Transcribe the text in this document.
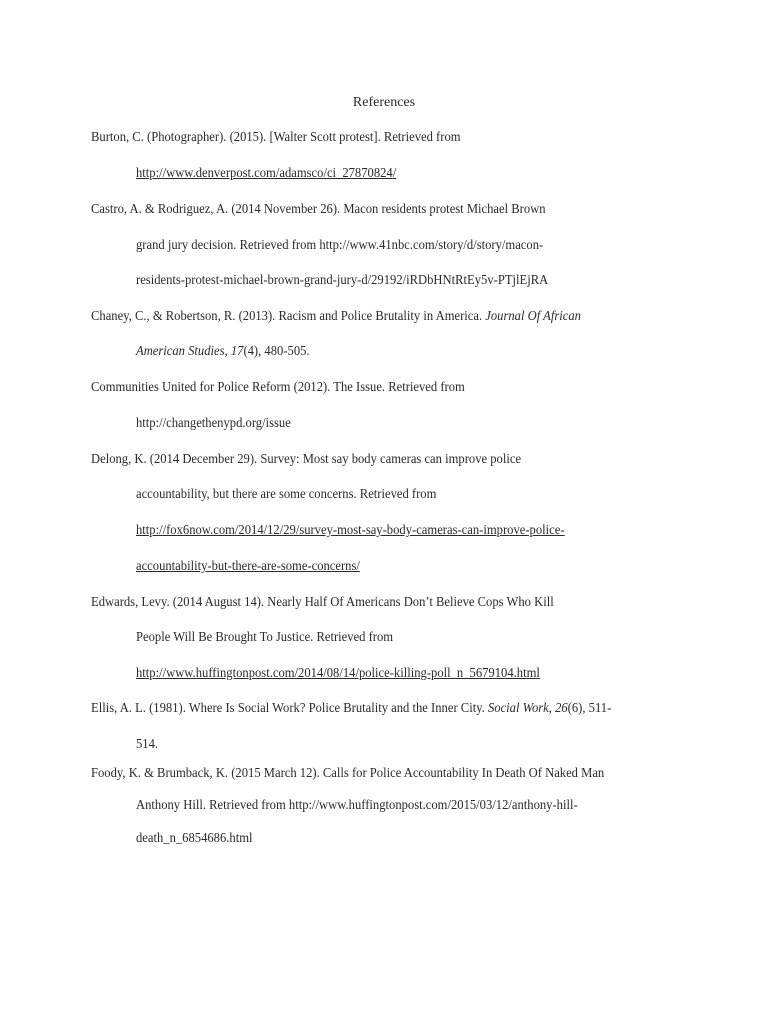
References
Burton, C. (Photographer). (2015). [Walter Scott protest]. Retrieved from
http://www.denverpost.com/adamsco/ci_27870824/
Castro, A. & Rodriguez, A. (2014 November 26). Macon residents protest Michael Brown
grand jury decision. Retrieved from http://www.41nbc.com/story/d/story/macon-
residents-protest-michael-brown-grand-jury-d/29192/iRDbHNtRtEy5v-PTjlEjRA
Chaney, C., & Robertson, R. (2013). Racism and Police Brutality in America. Journal Of African
American Studies, 17(4), 480-505.
Communities United for Police Reform (2012). The Issue. Retrieved from
http://changethenypd.org/issue
Delong, K. (2014 December 29). Survey: Most say body cameras can improve police
accountability, but there are some concerns. Retrieved from
http://fox6now.com/2014/12/29/survey-most-say-body-cameras-can-improve-police-
accountability-but-there-are-some-concerns/
Edwards, Levy. (2014 August 14). Nearly Half Of Americans Don’t Believe Cops Who Kill
People Will Be Brought To Justice. Retrieved from
http://www.huffingtonpost.com/2014/08/14/police-killing-poll_n_5679104.html
Ellis, A. L. (1981). Where Is Social Work? Police Brutality and the Inner City. Social Work, 26(6), 511-
514.
Foody, K. & Brumback, K. (2015 March 12). Calls for Police Accountability In Death Of Naked Man
Anthony Hill. Retrieved from http://www.huffingtonpost.com/2015/03/12/anthony-hill-
death_n_6854686.html
